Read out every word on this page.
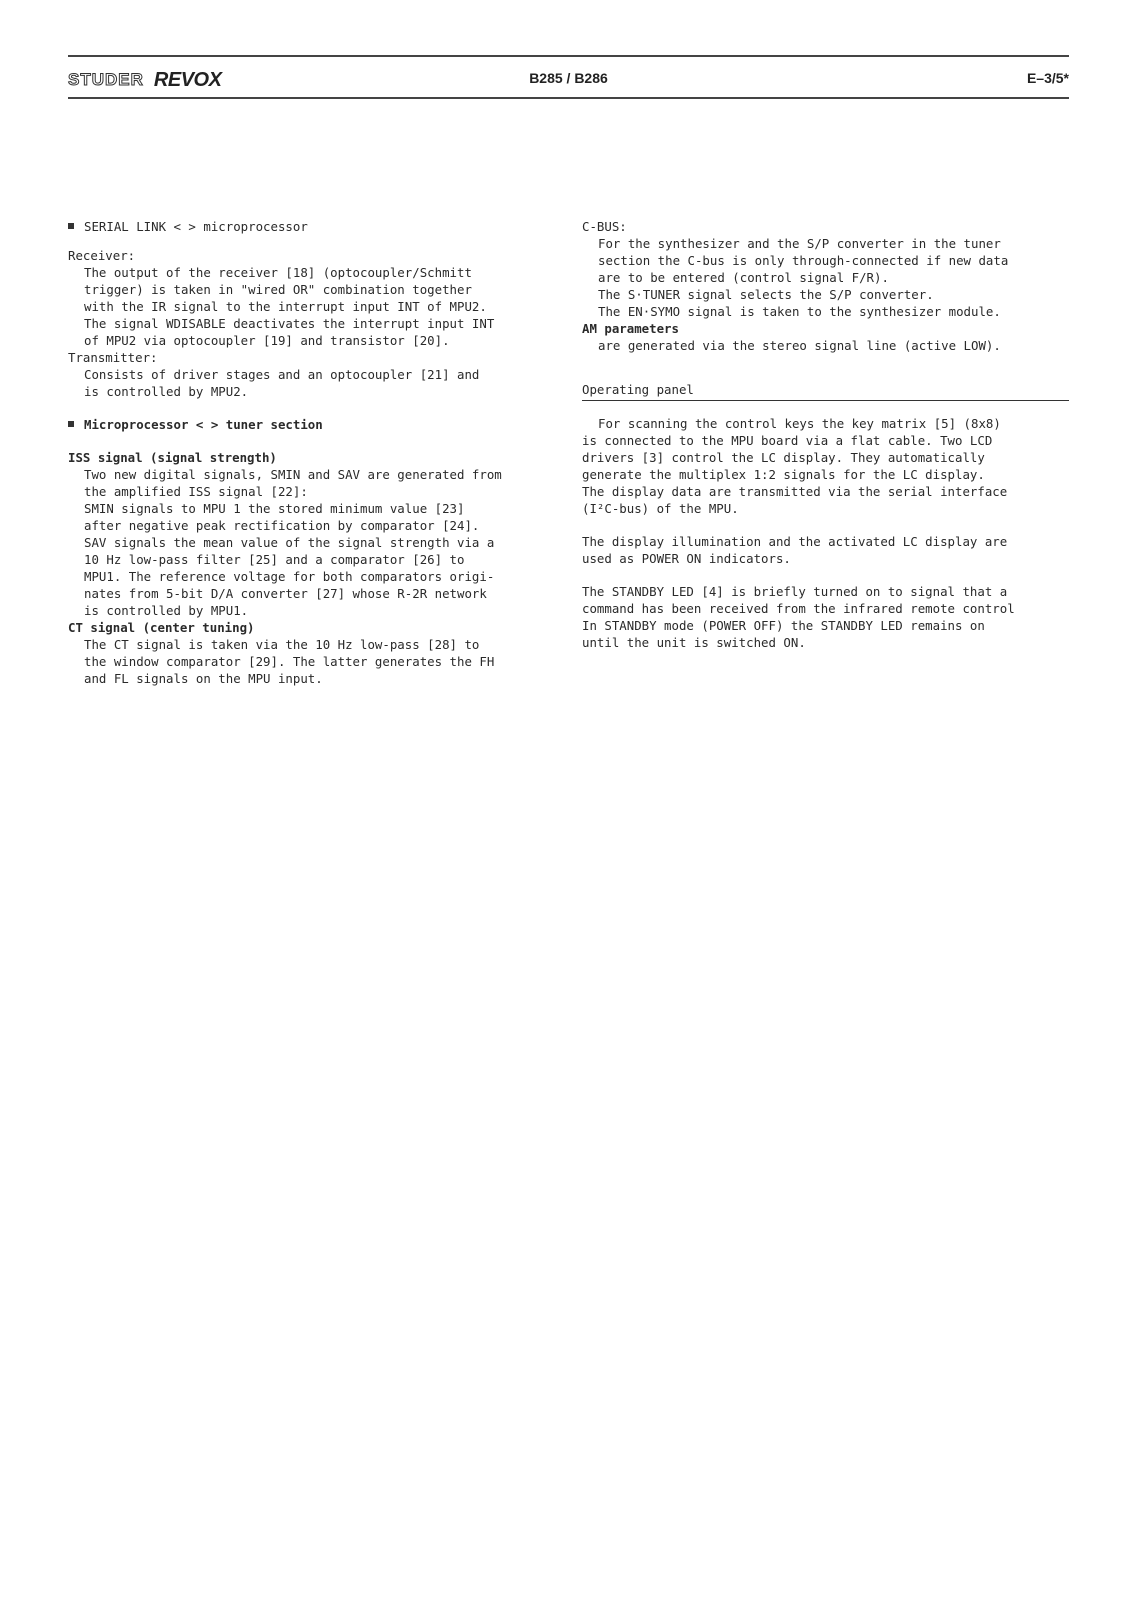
STUDER REVOX	B285 / B286	E–3/5*

SERIAL LINK < > microprocessor

Receiver:

The output of the receiver [18] (optocoupler/Schmitt

trigger) is taken in "wired OR" combination together

with the IR signal to the interrupt input INT of MPU2.

The signal WDISABLE deactivates the interrupt input INT

of MPU2 via optocoupler [19] and transistor [20].

Transmitter:

Consists of driver stages and an optocoupler [21] and

is controlled by MPU2.

Microprocessor < > tuner section

ISS signal (signal strength)

Two new digital signals, SMIN and SAV are generated from

the amplified ISS signal [22]:

SMIN signals to MPU 1 the stored minimum value [23]

after negative peak rectification by comparator [24].

SAV signals the mean value of the signal strength via a

10 Hz low-pass filter [25] and a comparator [26] to

MPU1. The reference voltage for both comparators origi-

nates from 5-bit D/A converter [27] whose R-2R network

is controlled by MPU1.

CT signal (center tuning)

The CT signal is taken via the 10 Hz low-pass [28] to

the window comparator [29]. The latter generates the FH

and FL signals on the MPU input.

C-BUS:

For the synthesizer and the S/P converter in the tuner

section the C-bus is only through-connected if new data

are to be entered (control signal F/R).

The S·TUNER signal selects the S/P converter.

The EN·SYMO signal is taken to the synthesizer module.

AM parameters

are generated via the stereo signal line (active LOW).

Operating panel

For scanning the control keys the key matrix [5] (8x8)

is connected to the MPU board via a flat cable. Two LCD

drivers [3] control the LC display. They automatically

generate the multiplex 1:2 signals for the LC display.

The display data are transmitted via the serial interface

(I²C-bus) of the MPU.

The display illumination and the activated LC display are

used as POWER ON indicators.

The STANDBY LED [4] is briefly turned on to signal that a

command has been received from the infrared remote control

In STANDBY mode (POWER OFF) the STANDBY LED remains on

until the unit is switched ON.
